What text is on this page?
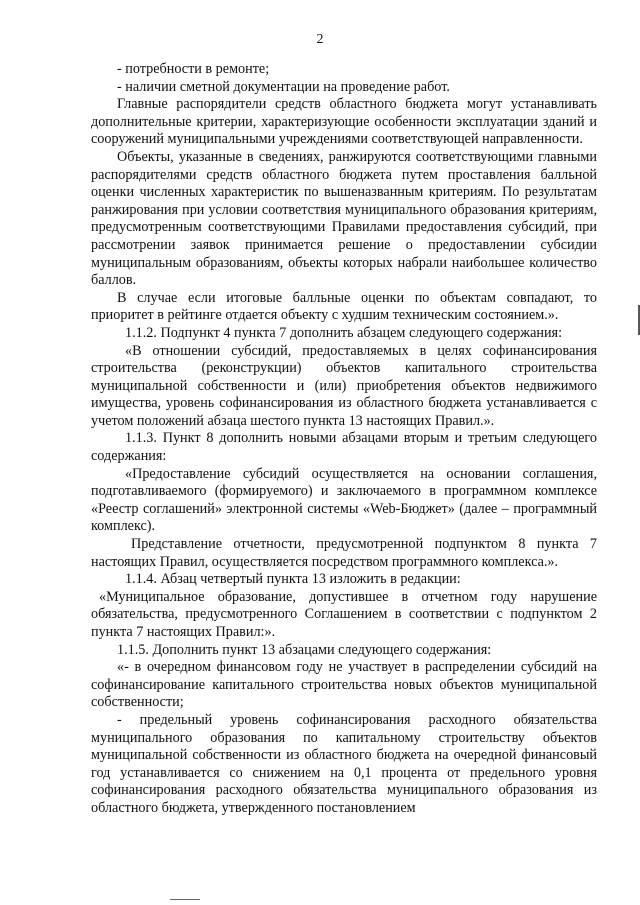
2

- потребности в ремонте;

- наличии сметной документации на проведение работ.

Главные распорядители средств областного бюджета могут устанавливать дополнительные критерии, характеризующие особенности эксплуатации зданий и сооружений муниципальными учреждениями соответствующей направленности.

Объекты, указанные в сведениях, ранжируются соответствующими главными распорядителями средств областного бюджета путем проставления балльной оценки численных характеристик по вышеназванным критериям. По результатам ранжирования при условии соответствия муниципального образования критериям, предусмотренным соответствующими Правилами предоставления субсидий, при рассмотрении заявок принимается решение о предоставлении субсидии муниципальным образованиям, объекты которых набрали наибольшее количество баллов.

В случае если итоговые балльные оценки по объектам совпадают, то приоритет в рейтинге отдается объекту с худшим техническим состоянием.».

1.1.2. Подпункт 4 пункта 7 дополнить абзацем следующего содержания:

«В отношении субсидий, предоставляемых в целях софинансирования строительства (реконструкции) объектов капитального строительства муниципальной собственности и (или) приобретения объектов недвижимого имущества, уровень софинансирования из областного бюджета устанавливается с учетом положений абзаца шестого пункта 13 настоящих Правил.».

1.1.3. Пункт 8 дополнить новыми абзацами вторым и третьим следующего содержания:

«Предоставление субсидий осуществляется на основании соглашения, подготавливаемого (формируемого) и заключаемого в программном комплексе «Реестр соглашений» электронной системы «Web-Бюджет» (далее – программный комплекс).

Представление отчетности, предусмотренной подпунктом 8 пункта 7 настоящих Правил, осуществляется посредством программного комплекса.».

1.1.4. Абзац четвертый пункта 13 изложить в редакции:

«Муниципальное образование, допустившее в отчетном году нарушение обязательства, предусмотренного Соглашением в соответствии с подпунктом 2 пункта 7 настоящих Правил:».

1.1.5. Дополнить пункт 13 абзацами следующего содержания:

«- в очередном финансовом году не участвует в распределении субсидий на софинансирование капитального строительства новых объектов муниципальной собственности;

- предельный уровень софинансирования расходного обязательства муниципального образования по капитальному строительству объектов муниципальной собственности из областного бюджета на очередной финансовый год устанавливается со снижением на 0,1 процента от предельного уровня софинансирования расходного обязательства муниципального образования из областного бюджета, утвержденного постановлением
